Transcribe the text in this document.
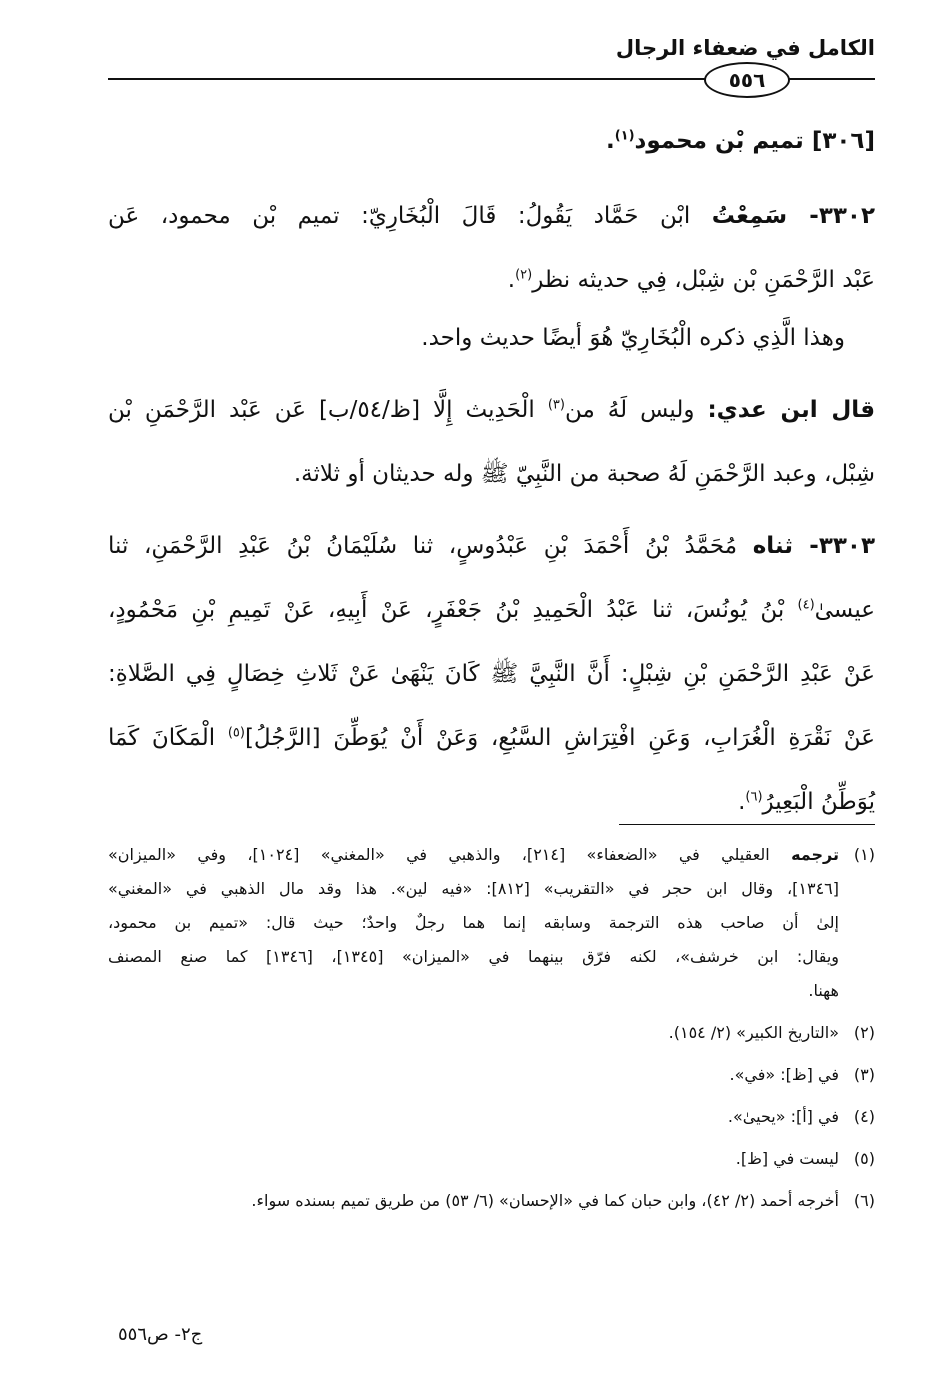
الكامل في ضعفاء الرجال
٥٥٦
[٣٠٦] تميم بْن محمود$^{(١)}$.
٣٣٠٢- سَمِعْتُ ابْن حَمَّاد يَقُولُ: قَالَ الْبُخَارِيّ: تميم بْن محمود، عَن
عَبْد الرَّحْمَنِ بْن شِبْل، فِي حديثه نظر$^{(٢)}$.
وهذا الَّذِي ذكره الْبُخَارِيّ هُوَ أيضًا حديث واحد.
قال ابن عدي: وليس لَهُ من$^{(٣)}$ الْحَدِيث إِلَّا [ظ/٥٤/ب] عَن عَبْد الرَّحْمَنِ بْن
شِبْل، وعبد الرَّحْمَنِ لَهُ صحبة من النَّبِيّ ﷺ وله حديثان أو ثلاثة.
٣٣٠٣- ثناه مُحَمَّدُ بْنُ أَحْمَدَ بْنِ عَبْدُوسٍ، ثنا سُلَيْمَانُ بْنُ عَبْدِ الرَّحْمَنِ، ثنا
عيسىٰ$^{(٤)}$ بْنُ يُونُسَ، ثنا عَبْدُ الْحَمِيدِ بْنُ جَعْفَرٍ، عَنْ أَبِيهِ، عَنْ تَمِيمِ بْنِ مَحْمُودٍ،
عَنْ عَبْدِ الرَّحْمَنِ بْنِ شِبْلٍ: أَنَّ النَّبِيَّ ﷺ كَانَ يَنْهَىٰ عَنْ ثَلاثِ خِصَالٍ فِي الصَّلاةِ:
عَنْ نَقْرَةِ الْغُرَابِ، وَعَنِ افْتِرَاشِ السَّبُعِ، وَعَنْ أَنْ يُوَطِّنَ [الرَّجُلُ]$^{(٥)}$ الْمَكَانَ كَمَا
يُوَطِّنُ الْبَعِيرُ$^{(٦)}$.
(١)ترجمه العقيلي في «الضعفاء» [٢١٤]، والذهبي في «المغني» [١٠٢٤]، وفي «الميزان»
[١٣٤٦]، وقال ابن حجر في «التقريب» [٨١٢]: «فيه لين». هذا وقد مال الذهبي في «المغني»
إلىٰ أن صاحب هذه الترجمة وسابقه إنما هما رجلٌ واحدٌ؛ حيث قال: «تميم بن محمود،
ويقال: ابن خرشف»، لكنه فرّق بينهما في «الميزان» [١٣٤٥]، [١٣٤٦] كما صنع المصنف
ههنا.
(٢)«التاريخ الكبير» (٢/ ١٥٤).
(٣)في [ظ]: «في».
(٤)في [أ]: «يحيىٰ».
(٥)ليست في [ظ].
(٦)أخرجه أحمد (٢/ ٤٢)، وابن حبان كما في «الإحسان» (٦/ ٥٣) من طريق تميم بسنده سواء.
ج٢- ص٥٥٦
